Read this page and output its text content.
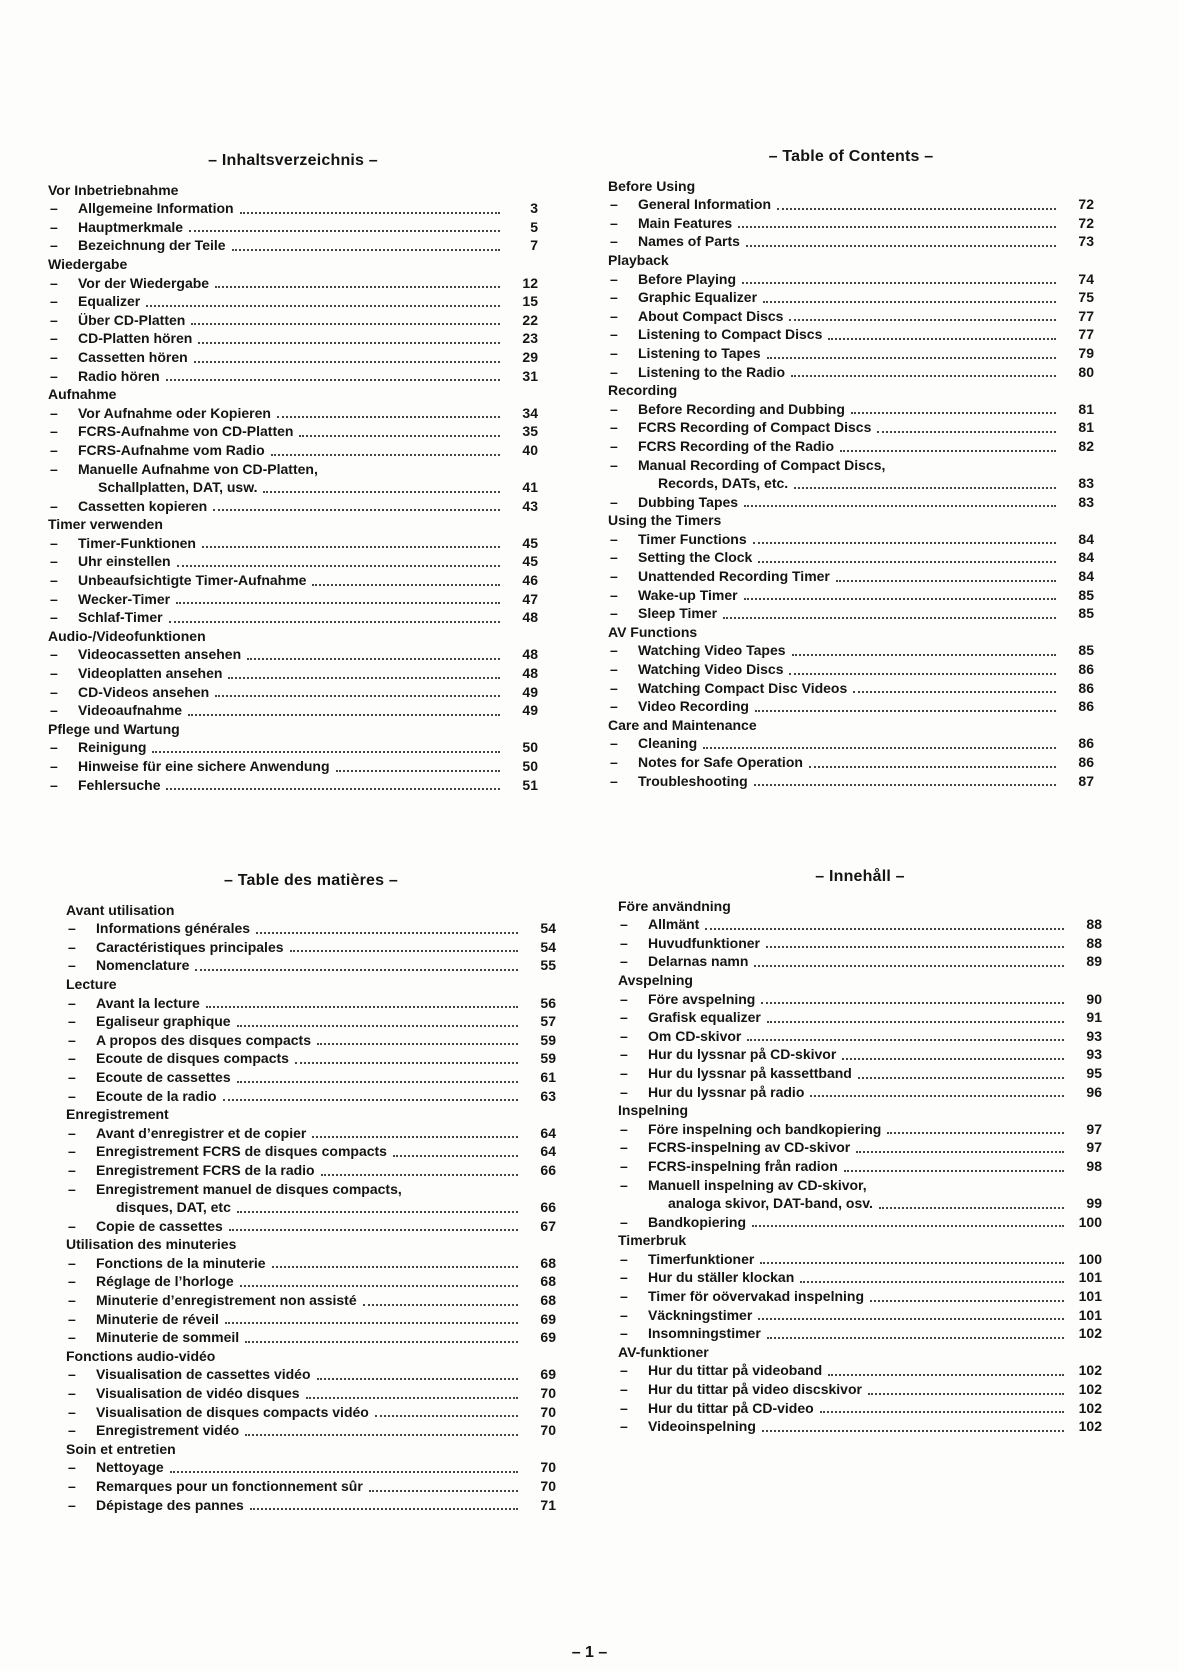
– Inhaltsverzeichnis –
Vor Inbetriebnahme
–	Allgemeine Information	3
–	Hauptmerkmale	5
–	Bezeichnung der Teile	7
Wiedergabe
–	Vor der Wiedergabe	12
–	Equalizer	15
–	Über CD-Platten	22
–	CD-Platten hören	23
–	Cassetten hören	29
–	Radio hören	31
Aufnahme
–	Vor Aufnahme oder Kopieren	34
–	FCRS-Aufnahme von CD-Platten	35
–	FCRS-Aufnahme vom Radio	40
–	Manuelle Aufnahme von CD-Platten,
Schallplatten, DAT, usw.	41
–	Cassetten kopieren	43
Timer verwenden
–	Timer-Funktionen	45
–	Uhr einstellen	45
–	Unbeaufsichtigte Timer-Aufnahme	46
–	Wecker-Timer	47
–	Schlaf-Timer	48
Audio-/Videofunktionen
–	Videocassetten ansehen	48
–	Videoplatten ansehen	48
–	CD-Videos ansehen	49
–	Videoaufnahme	49
Pflege und Wartung
–	Reinigung	50
–	Hinweise für eine sichere Anwendung	50
–	Fehlersuche	51
– Table of Contents –
Before Using
–	General Information	72
–	Main Features	72
–	Names of Parts	73
Playback
–	Before Playing	74
–	Graphic Equalizer	75
–	About Compact Discs	77
–	Listening to Compact Discs	77
–	Listening to Tapes	79
–	Listening to the Radio	80
Recording
–	Before Recording and Dubbing	81
–	FCRS Recording of Compact Discs	81
–	FCRS Recording of the Radio	82
–	Manual Recording of Compact Discs,
Records, DATs, etc.	83
–	Dubbing Tapes	83
Using the Timers
–	Timer Functions	84
–	Setting the Clock	84
–	Unattended Recording Timer	84
–	Wake-up Timer	85
–	Sleep Timer	85
AV Functions
–	Watching Video Tapes	85
–	Watching Video Discs	86
–	Watching Compact Disc Videos	86
–	Video Recording	86
Care and Maintenance
–	Cleaning	86
–	Notes for Safe Operation	86
–	Troubleshooting	87
– Table des matières –
Avant utilisation
–	Informations générales	54
–	Caractéristiques principales	54
–	Nomenclature	55
Lecture
–	Avant la lecture	56
–	Egaliseur graphique	57
–	A propos des disques compacts	59
–	Ecoute de disques compacts	59
–	Ecoute de cassettes	61
–	Ecoute de la radio	63
Enregistrement
–	Avant d’enregistrer et de copier	64
–	Enregistrement FCRS de disques compacts	64
–	Enregistrement FCRS de la radio	66
–	Enregistrement manuel de disques compacts,
disques, DAT, etc	66
–	Copie de cassettes	67
Utilisation des minuteries
–	Fonctions de la minuterie	68
–	Réglage de l’horloge	68
–	Minuterie d’enregistrement non assisté	68
–	Minuterie de réveil	69
–	Minuterie de sommeil	69
Fonctions audio-vidéo
–	Visualisation de cassettes vidéo	69
–	Visualisation de vidéo disques	70
–	Visualisation de disques compacts vidéo	70
–	Enregistrement vidéo	70
Soin et entretien
–	Nettoyage	70
–	Remarques pour un fonctionnement sûr	70
–	Dépistage des pannes	71
– Innehåll –
Före användning
–	Allmänt	88
–	Huvudfunktioner	88
–	Delarnas namn	89
Avspelning
–	Före avspelning	90
–	Grafisk equalizer	91
–	Om CD-skivor	93
–	Hur du lyssnar på CD-skivor	93
–	Hur du lyssnar på kassettband	95
–	Hur du lyssnar på radio	96
Inspelning
–	Före inspelning och bandkopiering	97
–	FCRS-inspelning av CD-skivor	97
–	FCRS-inspelning från radion	98
–	Manuell inspelning av CD-skivor,
analoga skivor, DAT-band, osv.	99
–	Bandkopiering	100
Timerbruk
–	Timerfunktioner	100
–	Hur du ställer klockan	101
–	Timer för oövervakad inspelning	101
–	Väckningstimer	101
–	Insomningstimer	102
AV-funktioner
–	Hur du tittar på videoband	102
–	Hur du tittar på video discskivor	102
–	Hur du tittar på CD-video	102
–	Videoinspelning	102
– 1 –
